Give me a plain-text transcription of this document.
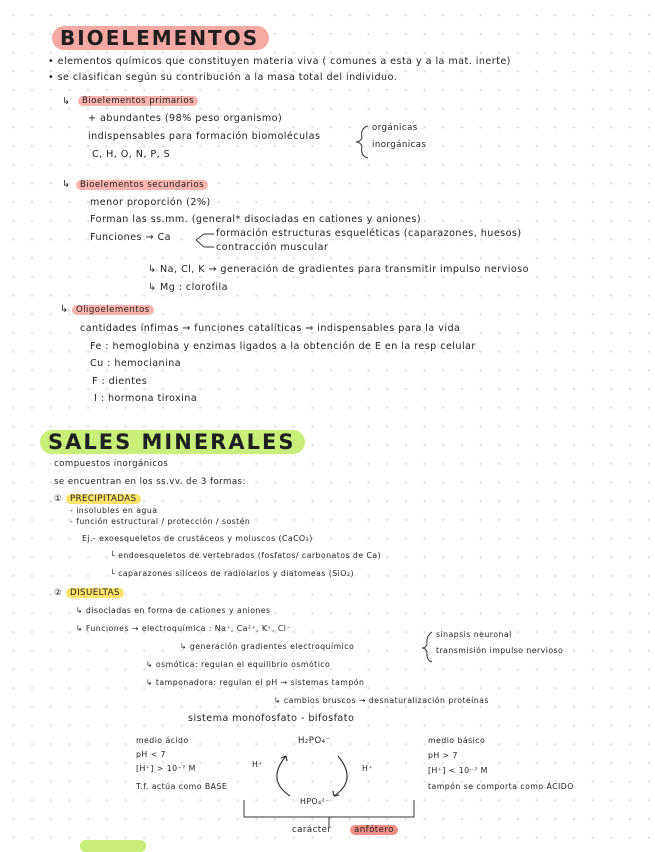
BIOELEMENTOS
• elementos químicos que constituyen materia viva ( comunes a esta y a la mat. inerte)
• se clasifican según su contribución a la masa total del individuo.
↳	Bioelementos primarios
+ abundantes (98% peso organismo)
indispensables para formación biomoléculas
orgánicas
inorgánicas
C, H, O, N, P, S
↳	Bioelementos secundarios
menor proporción (2%)
Forman las ss.mm. (general* disociadas en cationes y aniones)
Funciones → Ca	formación estructuras esqueléticas (caparazones, huesos)
contracción muscular
↳ Na, Cl, K → generación de gradientes para transmitir impulso nervioso
↳ Mg : clorofila
↳ Oligoelementos
cantidades ínfimas → funciones catalíticas ⇒ indispensables para la vida
Fe : hemoglobina y enzimas ligados a la obtención de E en la resp celular
Cu : hemocianina
F : dientes
I : hormona tiroxina
SALES MINERALES
compuestos inorgánicos
se encuentran en los ss.vv. de 3 formas:
① PRECIPITADAS
- insolubles en agua
- función estructural / protección / sostén
Ej.- exoesqueletos de crustáceos y moluscos (CaCO₃)
└ endoesqueletos de vertebrados (fosfatos/ carbonatos de Ca)
└ caparazones silíceos de radiolarios y diatomeas (SiO₂)
② DISUELTAS
↳ disociadas en forma de cationes y aniones
↳ Funciones → electroquímica : Na⁺, Ca²⁺, K⁺, Cl⁻
↳ generación gradientes electroquímico
sinapsis neuronal
transmisión impulso nervioso
↳ osmótica: regulan el equilibrio osmótico
↳ tamponadora: regulan el pH → sistemas tampón
↳ cambios bruscos → desnaturalización proteínas
sistema monofosfato - bifosfato
medio ácido
pH < 7
[H⁺] > 10⁻⁷ M
T.f. actúa como BASE
H₂PO₄⁻
HPO₄²⁻
H⁺	H⁺
medio básico
pH > 7
[H⁺] < 10⁻⁷ M
tampón se comporta como ÁCIDO
carácter	anfótero
